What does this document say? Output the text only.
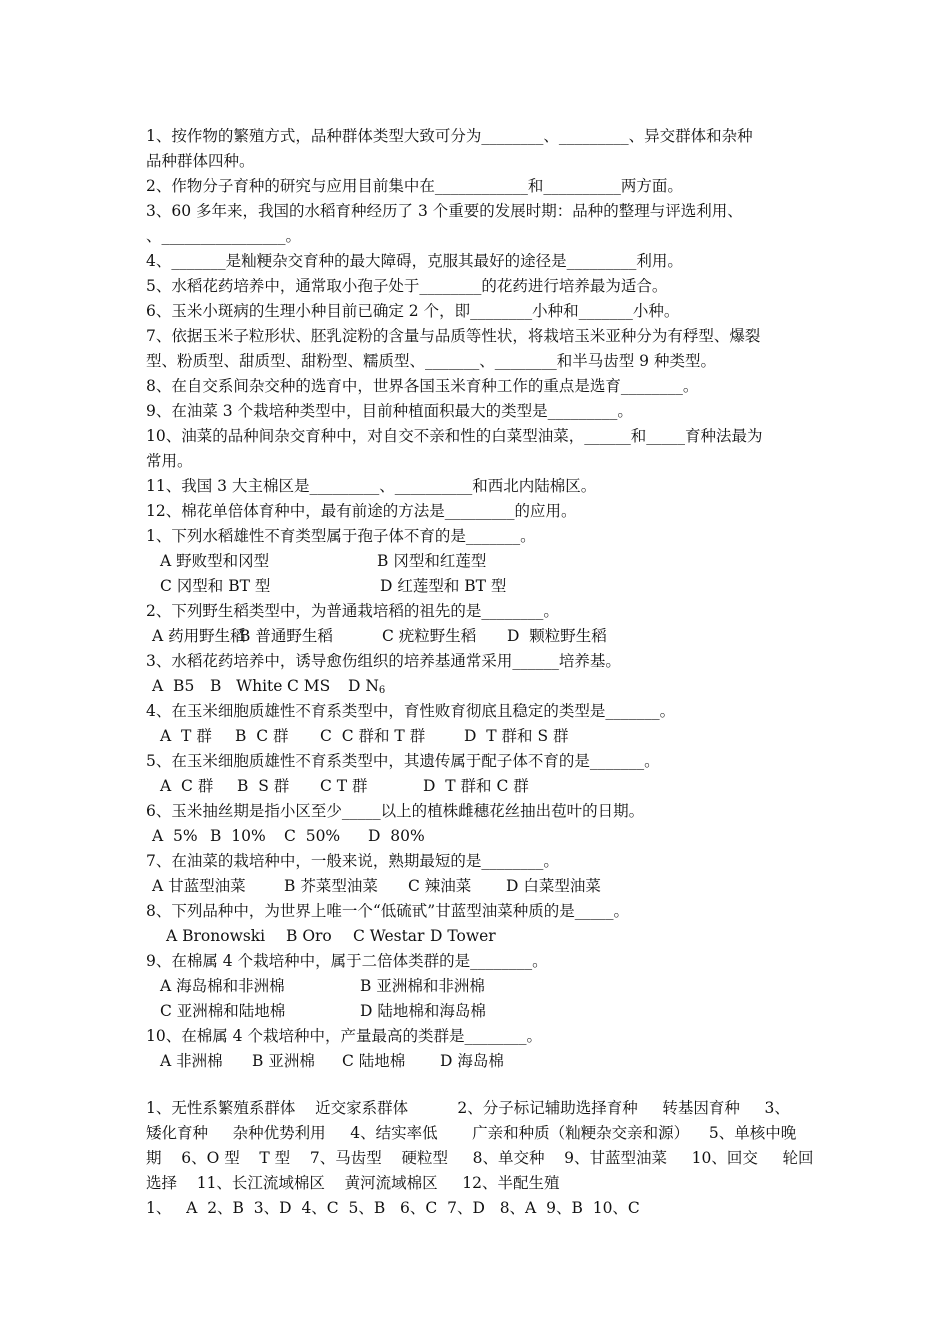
1、按作物的繁殖方式，品种群体类型大致可分为________、_________、异交群体和杂种
品种群体四种。
2、作物分子育种的研究与应用目前集中在____________和__________两方面。
3、60 多年来，我国的水稻育种经历了 3 个重要的发展时期：品种的整理与评选利用、
、________________。
4、_______是籼粳杂交育种的最大障碍，克服其最好的途径是_________利用。
5、水稻花药培养中，通常取小孢子处于________的花药进行培养最为适合。
6、玉米小斑病的生理小种目前已确定 2 个，即________小种和_______小种。
7、依据玉米子粒形状、胚乳淀粉的含量与品质等性状，将栽培玉米亚种分为有稃型、爆裂
型、粉质型、甜质型、甜粉型、糯质型、_______、________和半马齿型 9 种类型。
8、在自交系间杂交种的选育中，世界各国玉米育种工作的重点是选育________。
9、在油菜 3 个栽培种类型中，目前种植面积最大的类型是_________。
10、油菜的品种间杂交育种中，对自交不亲和性的白菜型油菜，______和_____育种法最为
常用。
11、我国 3 大主棉区是_________、__________和西北内陆棉区。
12、棉花单倍体育种中，最有前途的方法是_________的应用。
1、下列水稻雄性不育类型属于孢子体不育的是_______。
A 野败型和冈型	B 冈型和红莲型
C 冈型和 BT 型	D 红莲型和 BT 型
2、下列野生稻类型中，为普通栽培稻的祖先的是________。
A 药用野生稻
B 普通野生稻	C 疣粒野生稻 D  颗粒野生稻
3、水稻花药培养中，诱导愈伤组织的培养基通常采用______培养基。
A  B5 B   White C MS D $N_6$
4、在玉米细胞质雄性不育系类型中，育性败育彻底且稳定的类型是_______。
A  T 群 B  C 群 C  C 群和 T 群	D  T 群和 S 群
5、在玉米细胞质雄性不育系类型中，其遗传属于配子体不育的是_______。
A  C 群 B  S 群 C T 群	D  T 群和 C 群
6、玉米抽丝期是指小区至少_____以上的植株雌穗花丝抽出苞叶的日期。
A  5% B  10% C  50% D  80%
7、在油菜的栽培种中，一般来说，熟期最短的是________。
A 甘蓝型油菜 B 芥菜型油菜 C 辣油菜 D 白菜型油菜
8、下列品种中，为世界上唯一个“低硫甙”甘蓝型油菜种质的是_____。
A Bronowski B Oro C Westar D Tower
9、在棉属 4 个栽培种中，属于二倍体类群的是________。
A 海岛棉和非洲棉	B 亚洲棉和非洲棉
C 亚洲棉和陆地棉	D 陆地棉和海岛棉
10、在棉属 4 个栽培种中，产量最高的类群是________。
A 非洲棉 B 亚洲棉 C 陆地棉 D 海岛棉
1、无性系繁殖系群体    近交家系群体          2、分子标记辅助选择育种     转基因育种     3、
矮化育种     杂种优势利用     4、结实率低       广亲和种质（籼粳杂交亲和源）    5、单核中晚
期    6、O 型    T 型    7、马齿型    硬粒型     8、单交种    9、甘蓝型油菜     10、回交     轮回
选择    11、长江流域棉区    黄河流域棉区     12、半配生殖
1、   A  2、B  3、D  4、C  5、B   6、C  7、D   8、A  9、B  10、C
